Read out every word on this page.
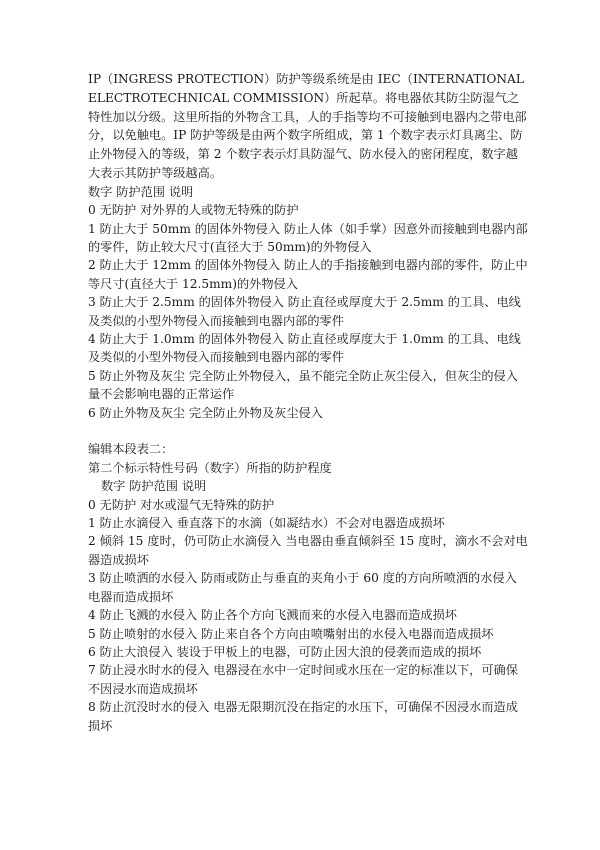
IP（INGRESS PROTECTION）防护等级系统是由 IEC（INTERNATIONAL ELECTROTECHNICAL COMMISSION）所起草。将电器依其防尘防湿气之特性加以分级。这里所指的外物含工具，人的手指等均不可接触到电器内之带电部分，以免触电。IP 防护等级是由两个数字所组成，第 1 个数字表示灯具离尘、防止外物侵入的等级，第 2 个数字表示灯具防湿气、防水侵入的密闭程度，数字越大表示其防护等级越高。

数字 防护范围 说明

0 无防护 对外界的人或物无特殊的防护

1 防止大于 50mm 的固体外物侵入 防止人体（如手掌）因意外而接触到电器内部的零件，防止较大尺寸(直径大于 50mm)的外物侵入

2 防止大于 12mm 的固体外物侵入 防止人的手指接触到电器内部的零件，防止中等尺寸(直径大于 12.5mm)的外物侵入

3 防止大于 2.5mm 的固体外物侵入 防止直径或厚度大于 2.5mm 的工具、电线及类似的小型外物侵入而接触到电器内部的零件

4 防止大于 1.0mm 的固体外物侵入 防止直径或厚度大于 1.0mm 的工具、电线及类似的小型外物侵入而接触到电器内部的零件

5 防止外物及灰尘 完全防止外物侵入，虽不能完全防止灰尘侵入，但灰尘的侵入量不会影响电器的正常运作

6 防止外物及灰尘 完全防止外物及灰尘侵入

编辑本段表二：

第二个标示特性号码（数字）所指的防护程度

数字 防护范围 说明

0 无防护 对水或湿气无特殊的防护

1 防止水滴侵入 垂直落下的水滴（如凝结水）不会对电器造成损坏

2 倾斜 15 度时，仍可防止水滴侵入 当电器由垂直倾斜至 15 度时，滴水不会对电器造成损坏

3 防止喷洒的水侵入 防雨或防止与垂直的夹角小于 60 度的方向所喷洒的水侵入电器而造成损坏

4 防止飞溅的水侵入 防止各个方向飞溅而来的水侵入电器而造成损坏

5 防止喷射的水侵入 防止来自各个方向由喷嘴射出的水侵入电器而造成损坏

6 防止大浪侵入 装设于甲板上的电器，可防止因大浪的侵袭而造成的损坏

7 防止浸水时水的侵入 电器浸在水中一定时间或水压在一定的标准以下，可确保不因浸水而造成损坏

8 防止沉没时水的侵入 电器无限期沉没在指定的水压下，可确保不因浸水而造成损坏
